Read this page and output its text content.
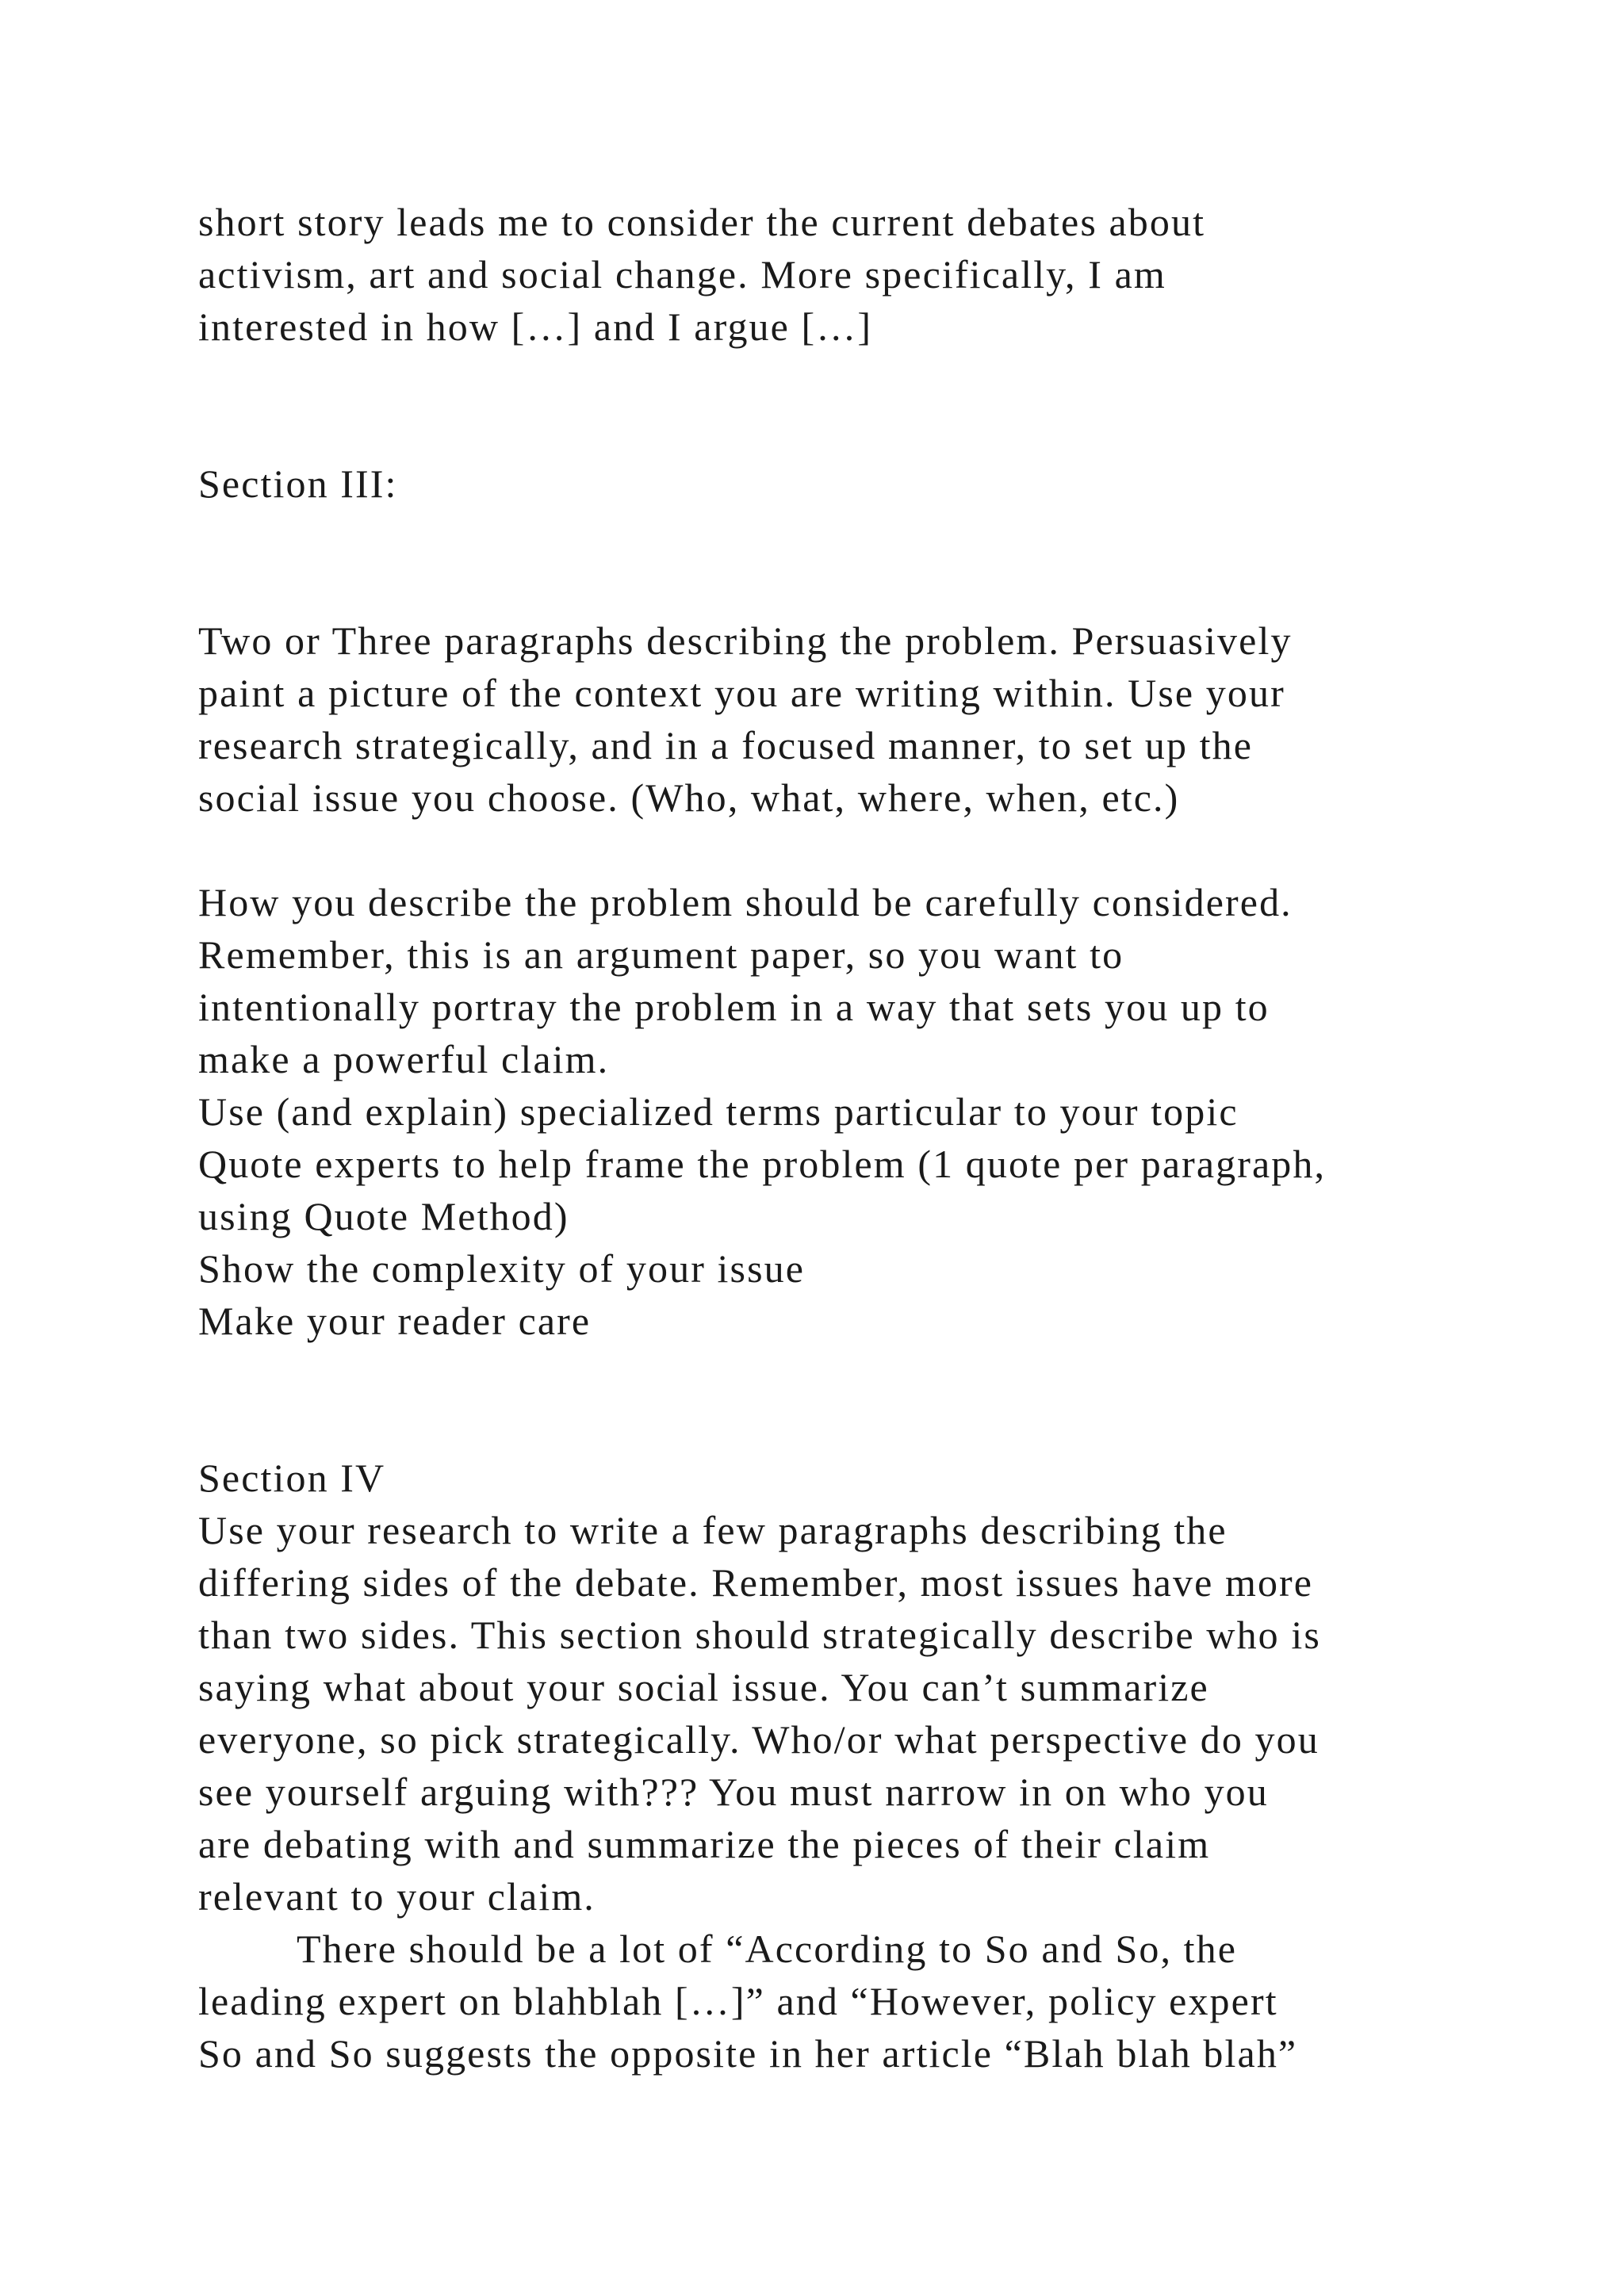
short story leads me to consider the current debates about
activism, art and social change. More specifically, I am
interested in how […] and I argue […]
Section III:
Two or Three paragraphs describing the problem. Persuasively
paint a picture of the context you are writing within. Use your
research strategically, and in a focused manner, to set up the
social issue you choose. (Who, what, where, when, etc.)
How you describe the problem should be carefully considered.
Remember, this is an argument paper, so you want to
intentionally portray the problem in a way that sets you up to
make a powerful claim.
Use (and explain) specialized terms particular to your topic
Quote experts to help frame the problem (1 quote per paragraph,
using Quote Method)
Show the complexity of your issue
Make your reader care
Section IV
Use your research to write a few paragraphs describing the
differing sides of the debate. Remember, most issues have more
than two sides. This section should strategically describe who is
saying what about your social issue. You can’t summarize
everyone, so pick strategically. Who/or what perspective do you
see yourself arguing with??? You must narrow in on who you
are debating with and summarize the pieces of their claim
relevant to your claim.
There should be a lot of “According to So and So, the
leading expert on blahblah […]” and “However, policy expert
So and So suggests the opposite in her article “Blah blah blah”
